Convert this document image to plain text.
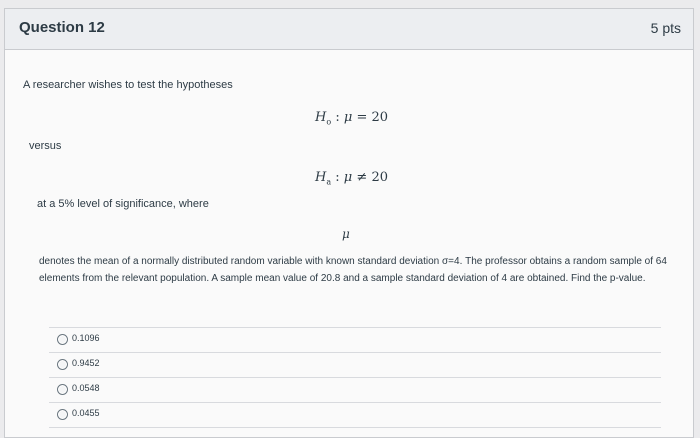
Question 12	5 pts
A researcher wishes to test the hypotheses
$H_o$ : μ = 20
versus
$H_a$ : μ ≠ 20
at a 5% level of significance, where
μ
denotes the mean of a normally distributed random variable with known standard deviation σ=4. The professor obtains a random sample of 64 elements from the relevant population. A sample mean value of 20.8 and a sample standard deviation of 4 are obtained. Find the p-value.
0.1096
0.9452
0.0548
0.0455
